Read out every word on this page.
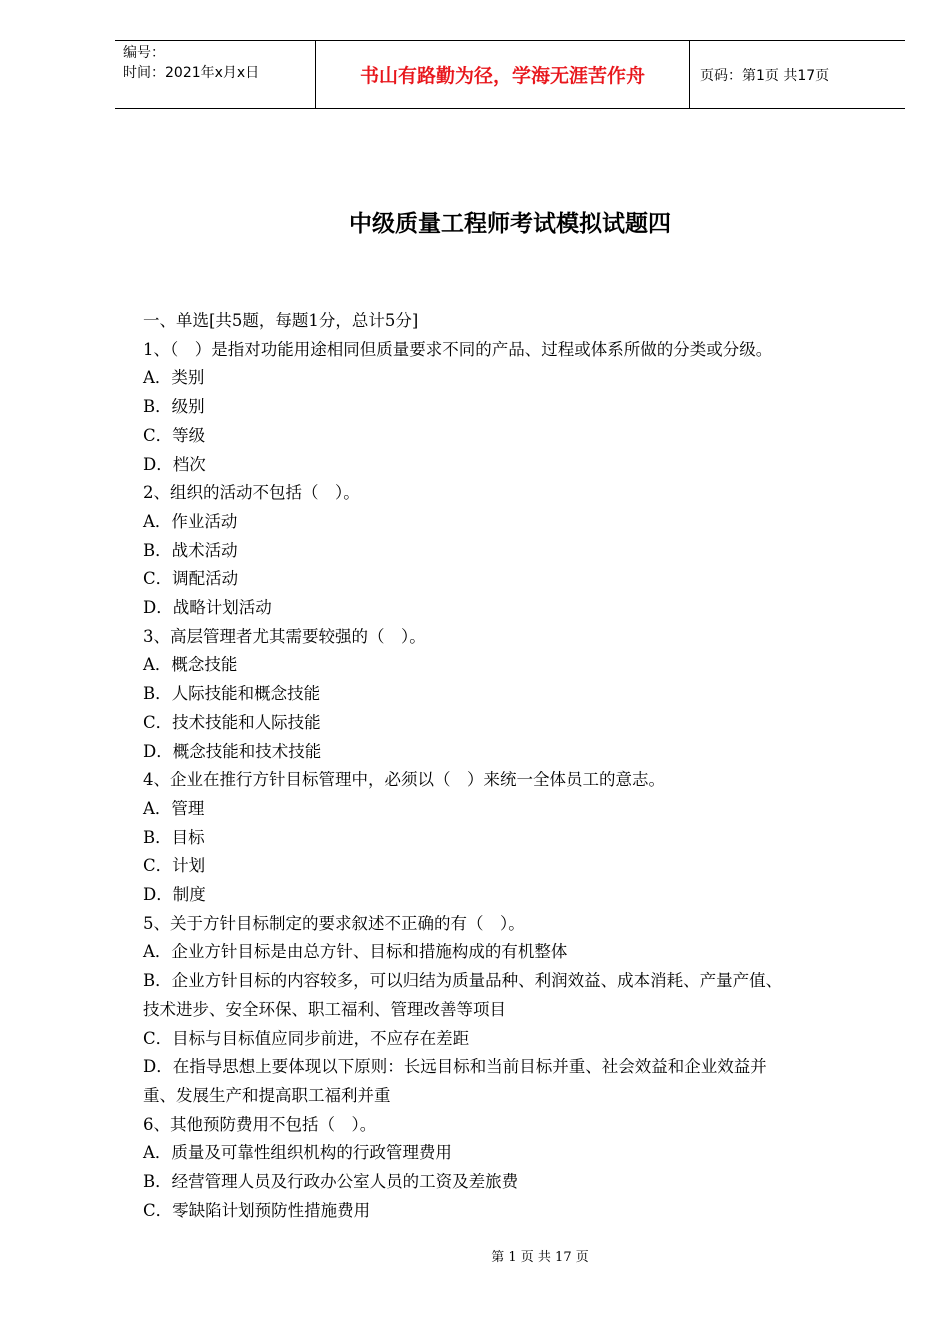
编号：
时间：2021年x月x日	书山有路勤为径，学海无涯苦作舟	页码：第1页 共17页
中级质量工程师考试模拟试题四

一、单选[共5题，每题1分，总计5分]

1、（　）是指对功能用途相同但质量要求不同的产品、过程或体系所做的分类或分级。

A．类别

B．级别

C．等级

D．档次

2、组织的活动不包括（　）。

A．作业活动

B．战术活动

C．调配活动

D．战略计划活动

3、高层管理者尤其需要较强的（　）。

A．概念技能

B．人际技能和概念技能

C．技术技能和人际技能

D．概念技能和技术技能

4、企业在推行方针目标管理中，必须以（　）来统一全体员工的意志。

A．管理

B．目标

C．计划

D．制度

5、关于方针目标制定的要求叙述不正确的有（　）。

A．企业方针目标是由总方针、目标和措施构成的有机整体

B．企业方针目标的内容较多，可以归结为质量品种、利润效益、成本消耗、产量产值、

技术进步、安全环保、职工福利、管理改善等项目

C．目标与目标值应同步前进，不应存在差距

D．在指导思想上要体现以下原则：长远目标和当前目标并重、社会效益和企业效益并

重、发展生产和提高职工福利并重

6、其他预防费用不包括（　）。

A．质量及可靠性组织机构的行政管理费用

B．经营管理人员及行政办公室人员的工资及差旅费

C．零缺陷计划预防性措施费用

第 1 页 共 17 页
